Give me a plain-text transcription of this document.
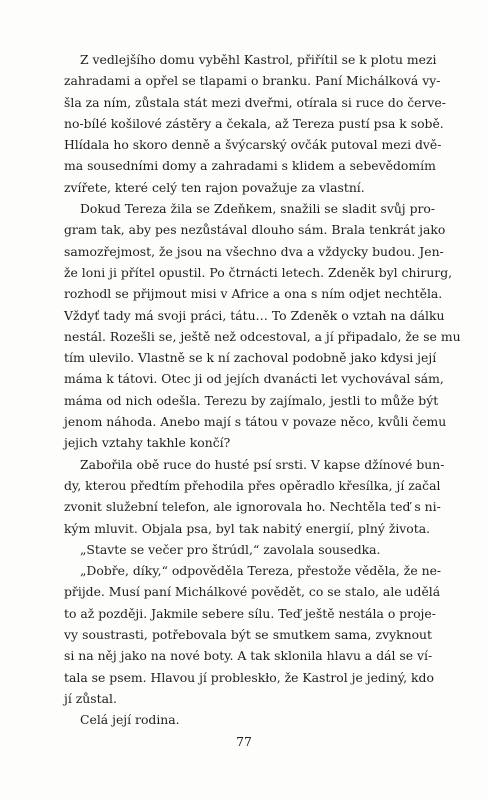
Z vedlejšího domu vyběhl Kastrol, přiřítil se k plotu mezi
zahradami a opřel se tlapami o branku. Paní Michálková vy-
šla za ním, zůstala stát mezi dveřmi, otírala si ruce do červe-
no-bílé košilové zástěry a čekala, až Tereza pustí psa k sobě.
Hlídala ho skoro denně a švýcarský ovčák putoval mezi dvě-
ma sousedními domy a zahradami s klidem a sebevědomím
zvířete, které celý ten rajon považuje za vlastní.
Dokud Tereza žila se Zdeňkem, snažili se sladit svůj pro-
gram tak, aby pes nezůstával dlouho sám. Brala tenkrát jako
samozřejmost, že jsou na všechno dva a vždycky budou. Jen-
že loni ji přítel opustil. Po čtrnácti letech. Zdeněk byl chirurg,
rozhodl se přijmout misi v Africe a ona s ním odjet nechtěla.
Vždyť tady má svoji práci, tátu… To Zdeněk o vztah na dálku
nestál. Rozešli se, ještě než odcestoval, a jí připadalo, že se mu
tím ulevilo. Vlastně se k ní zachoval podobně jako kdysi její
máma k tátovi. Otec ji od jejích dvanácti let vychovával sám,
máma od nich odešla. Terezu by zajímalo, jestli to může být
jenom náhoda. Anebo mají s tátou v povaze něco, kvůli čemu
jejich vztahy takhle končí?
Zabořila obě ruce do husté psí srsti. V kapse džínové bun-
dy, kterou předtím přehodila přes opěradlo křesílka, jí začal
zvonit služební telefon, ale ignorovala ho. Nechtěla teď s ni-
kým mluvit. Objala psa, byl tak nabitý energií, plný života.
„Stavte se večer pro štrúdl,“ zavolala sousedka.
„Dobře, díky,“ odpověděla Tereza, přestože věděla, že ne-
přijde. Musí paní Michálkové povědět, co se stalo, ale udělá
to až později. Jakmile sebere sílu. Teď ještě nestála o proje-
vy soustrasti, potřebovala být se smutkem sama, zvyknout
si na něj jako na nové boty. A tak sklonila hlavu a dál se ví-
tala se psem. Hlavou jí probleskło, že Kastrol je jediný, kdo
jí zůstal.
Celá její rodina.
77
